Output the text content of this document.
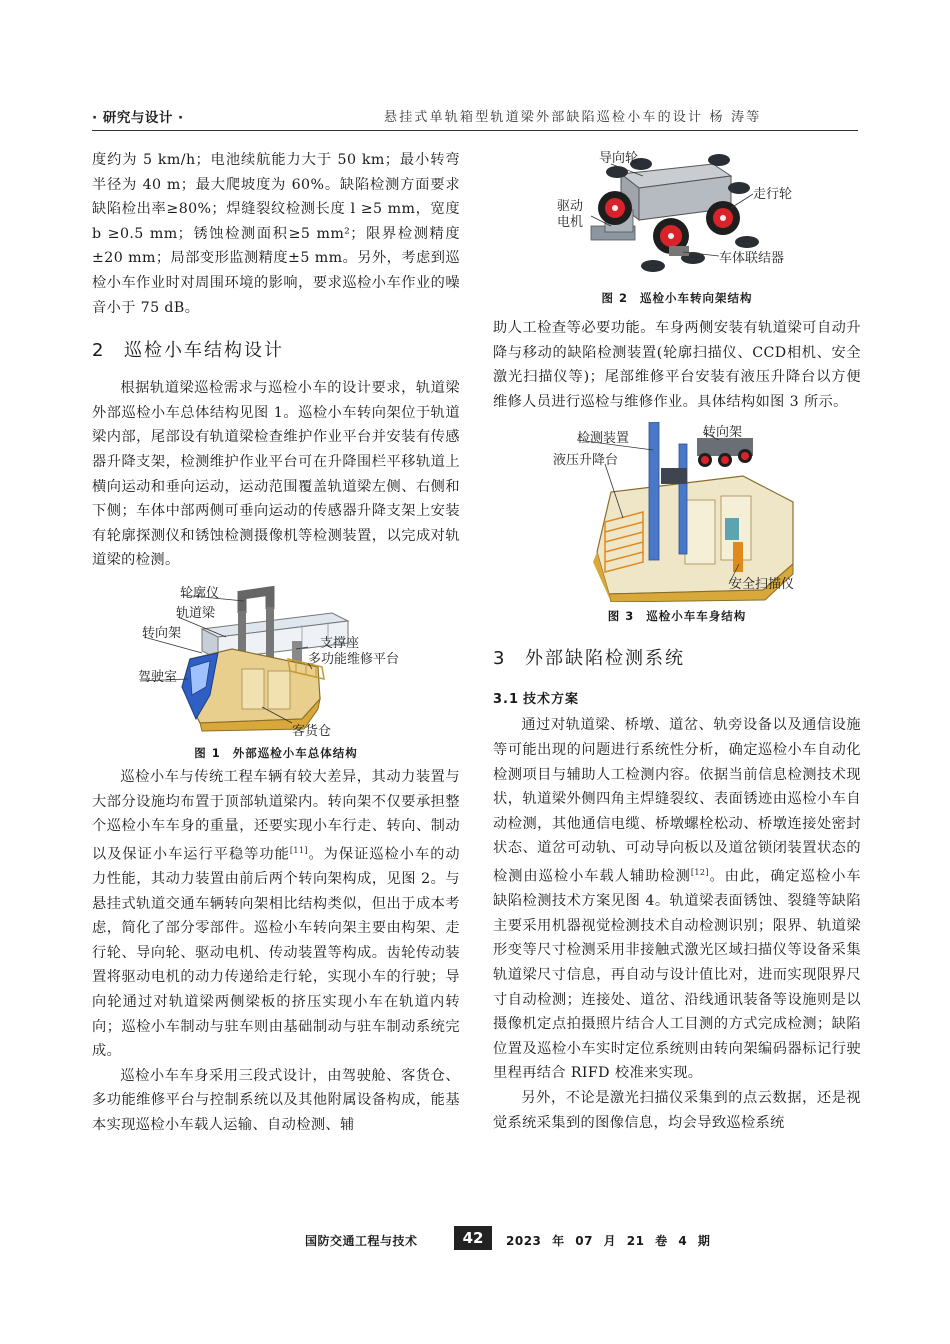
· 研究与设计 ·	悬挂式单轨箱型轨道梁外部缺陷巡检小车的设计 杨 涛等

度约为 5 km/h；电池续航能力大于 50 km；最小转弯半径为 40 m；最大爬坡度为 60%。缺陷检测方面要求缺陷检出率≥80%；焊缝裂纹检测长度 l ≥5 mm，宽度 b ≥0.5 mm；锈蚀检测面积≥5 mm²；限界检测精度±20 mm；局部变形监测精度±5 mm。另外，考虑到巡检小车作业时对周围环境的影响，要求巡检小车作业的噪音小于 75 dB。

2 巡检小车结构设计

根据轨道梁巡检需求与巡检小车的设计要求，轨道梁外部巡检小车总体结构见图 1。巡检小车转向架位于轨道梁内部，尾部设有轨道梁检查维护作业平台并安装有传感器升降支架，检测维护作业平台可在升降围栏平移轨道上横向运动和垂向运动，运动范围覆盖轨道梁左侧、右侧和下侧；车体中部两侧可垂向运动的传感器升降支架上安装有轮廓探测仪和锈蚀检测摄像机等检测装置，以完成对轨道梁的检测。

轮廓仪
轨道梁
转向架
支撑座
多功能维修平台
驾驶室
客货仓
图 1 外部巡检小车总体结构

巡检小车与传统工程车辆有较大差异，其动力装置与大部分设施均布置于顶部轨道梁内。转向架不仅要承担整个巡检小车车身的重量，还要实现小车行走、转向、制动以及保证小车运行平稳等功能[11]。为保证巡检小车的动力性能，其动力装置由前后两个转向架构成，见图 2。与悬挂式轨道交通车辆转向架相比结构类似，但出于成本考虑，简化了部分零部件。巡检小车转向架主要由构架、走行轮、导向轮、驱动电机、传动装置等构成。齿轮传动装置将驱动电机的动力传递给走行轮，实现小车的行驶；导向轮通过对轨道梁两侧梁板的挤压实现小车在轨道内转向；巡检小车制动与驻车则由基础制动与驻车制动系统完成。

巡检小车车身采用三段式设计，由驾驶舱、客货仓、多功能维修平台与控制系统以及其他附属设备构成，能基本实现巡检小车载人运输、自动检测、辅

导向轮
走行轮
驱动
电机
车体联结器
图 2 巡检小车转向架结构

助人工检查等必要功能。车身两侧安装有轨道梁可自动升降与移动的缺陷检测装置(轮廓扫描仪、CCD相机、安全激光扫描仪等)；尾部维修平台安装有液压升降台以方便维修人员进行巡检与维修作业。具体结构如图 3 所示。

转向架
检测装置
液压升降台
安全扫描仪
图 3 巡检小车车身结构
3 外部缺陷检测系统
3.1 技术方案

通过对轨道梁、桥墩、道岔、轨旁设备以及通信设施等可能出现的问题进行系统性分析，确定巡检小车自动化检测项目与辅助人工检测内容。依据当前信息检测技术现状，轨道梁外侧四角主焊缝裂纹、表面锈迹由巡检小车自动检测，其他通信电缆、桥墩螺栓松动、桥墩连接处密封状态、道岔可动轨、可动导向板以及道岔锁闭装置状态的检测由巡检小车载人辅助检测[12]。由此，确定巡检小车缺陷检测技术方案见图 4。轨道梁表面锈蚀、裂缝等缺陷主要采用机器视觉检测技术自动检测识别；限界、轨道梁形变等尺寸检测采用非接触式激光区域扫描仪等设备采集轨道梁尺寸信息，再自动与设计值比对，进而实现限界尺寸自动检测；连接处、道岔、沿线通讯装备等设施则是以摄像机定点拍摄照片结合人工目测的方式完成检测；缺陷位置及巡检小车实时定位系统则由转向架编码器标记行驶里程再结合 RIFD 校准来实现。

另外，不论是激光扫描仪采集到的点云数据，还是视觉系统采集到的图像信息，均会导致巡检系统

国防交通工程与技术	42	2023 年 07 月 21 卷 4 期
